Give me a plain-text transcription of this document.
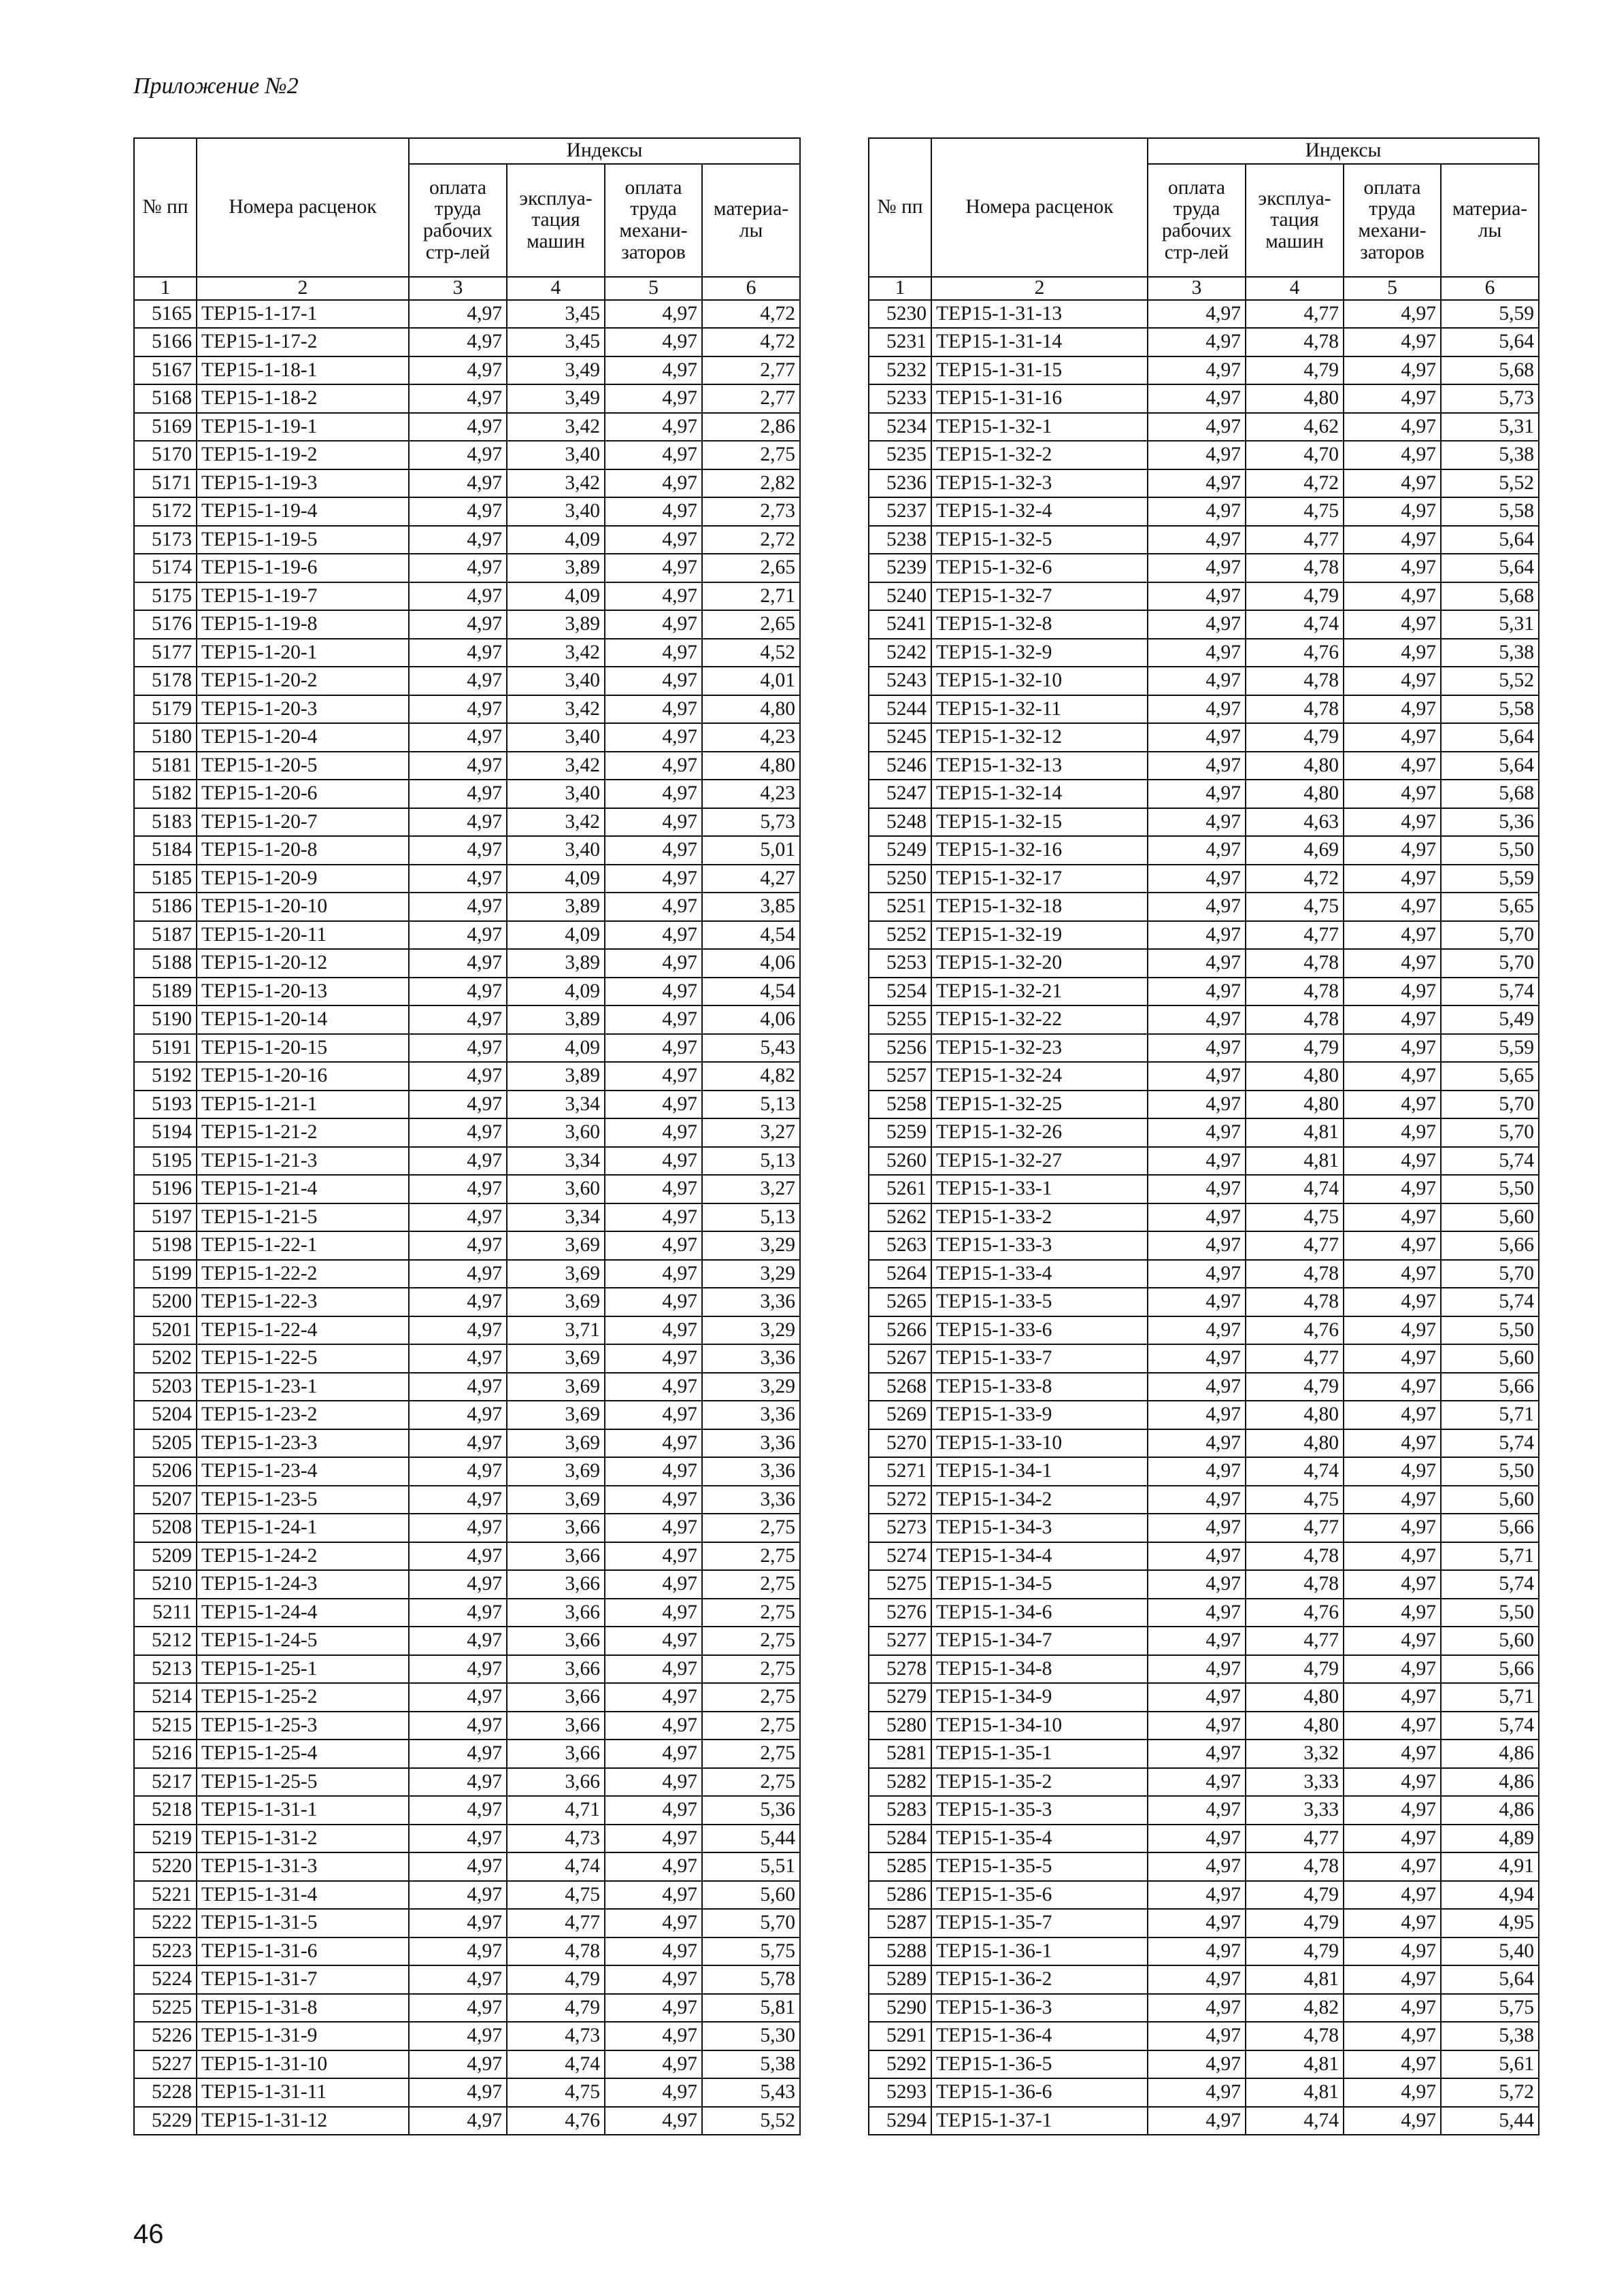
Приложение №2
№ пп	Номера расценок	Индексы			
		оплата труда рабочих стр-лей	эксплуа-тация машин	оплата труда механи-заторов	материа-лы
1	2	3	4	5	6
5165	ТЕР15-1-17-1	4,97	3,45	4,97	4,72
5166	ТЕР15-1-17-2	4,97	3,45	4,97	4,72
5167	ТЕР15-1-18-1	4,97	3,49	4,97	2,77
5168	ТЕР15-1-18-2	4,97	3,49	4,97	2,77
5169	ТЕР15-1-19-1	4,97	3,42	4,97	2,86
5170	ТЕР15-1-19-2	4,97	3,40	4,97	2,75
5171	ТЕР15-1-19-3	4,97	3,42	4,97	2,82
5172	ТЕР15-1-19-4	4,97	3,40	4,97	2,73
5173	ТЕР15-1-19-5	4,97	4,09	4,97	2,72
5174	ТЕР15-1-19-6	4,97	3,89	4,97	2,65
5175	ТЕР15-1-19-7	4,97	4,09	4,97	2,71
5176	ТЕР15-1-19-8	4,97	3,89	4,97	2,65
5177	ТЕР15-1-20-1	4,97	3,42	4,97	4,52
5178	ТЕР15-1-20-2	4,97	3,40	4,97	4,01
5179	ТЕР15-1-20-3	4,97	3,42	4,97	4,80
5180	ТЕР15-1-20-4	4,97	3,40	4,97	4,23
5181	ТЕР15-1-20-5	4,97	3,42	4,97	4,80
5182	ТЕР15-1-20-6	4,97	3,40	4,97	4,23
5183	ТЕР15-1-20-7	4,97	3,42	4,97	5,73
5184	ТЕР15-1-20-8	4,97	3,40	4,97	5,01
5185	ТЕР15-1-20-9	4,97	4,09	4,97	4,27
5186	ТЕР15-1-20-10	4,97	3,89	4,97	3,85
5187	ТЕР15-1-20-11	4,97	4,09	4,97	4,54
5188	ТЕР15-1-20-12	4,97	3,89	4,97	4,06
5189	ТЕР15-1-20-13	4,97	4,09	4,97	4,54
5190	ТЕР15-1-20-14	4,97	3,89	4,97	4,06
5191	ТЕР15-1-20-15	4,97	4,09	4,97	5,43
5192	ТЕР15-1-20-16	4,97	3,89	4,97	4,82
5193	ТЕР15-1-21-1	4,97	3,34	4,97	5,13
5194	ТЕР15-1-21-2	4,97	3,60	4,97	3,27
5195	ТЕР15-1-21-3	4,97	3,34	4,97	5,13
5196	ТЕР15-1-21-4	4,97	3,60	4,97	3,27
5197	ТЕР15-1-21-5	4,97	3,34	4,97	5,13
5198	ТЕР15-1-22-1	4,97	3,69	4,97	3,29
5199	ТЕР15-1-22-2	4,97	3,69	4,97	3,29
5200	ТЕР15-1-22-3	4,97	3,69	4,97	3,36
5201	ТЕР15-1-22-4	4,97	3,71	4,97	3,29
5202	ТЕР15-1-22-5	4,97	3,69	4,97	3,36
5203	ТЕР15-1-23-1	4,97	3,69	4,97	3,29
5204	ТЕР15-1-23-2	4,97	3,69	4,97	3,36
5205	ТЕР15-1-23-3	4,97	3,69	4,97	3,36
5206	ТЕР15-1-23-4	4,97	3,69	4,97	3,36
5207	ТЕР15-1-23-5	4,97	3,69	4,97	3,36
5208	ТЕР15-1-24-1	4,97	3,66	4,97	2,75
5209	ТЕР15-1-24-2	4,97	3,66	4,97	2,75
5210	ТЕР15-1-24-3	4,97	3,66	4,97	2,75
5211	ТЕР15-1-24-4	4,97	3,66	4,97	2,75
5212	ТЕР15-1-24-5	4,97	3,66	4,97	2,75
5213	ТЕР15-1-25-1	4,97	3,66	4,97	2,75
5214	ТЕР15-1-25-2	4,97	3,66	4,97	2,75
5215	ТЕР15-1-25-3	4,97	3,66	4,97	2,75
5216	ТЕР15-1-25-4	4,97	3,66	4,97	2,75
5217	ТЕР15-1-25-5	4,97	3,66	4,97	2,75
5218	ТЕР15-1-31-1	4,97	4,71	4,97	5,36
5219	ТЕР15-1-31-2	4,97	4,73	4,97	5,44
5220	ТЕР15-1-31-3	4,97	4,74	4,97	5,51
5221	ТЕР15-1-31-4	4,97	4,75	4,97	5,60
5222	ТЕР15-1-31-5	4,97	4,77	4,97	5,70
5223	ТЕР15-1-31-6	4,97	4,78	4,97	5,75
5224	ТЕР15-1-31-7	4,97	4,79	4,97	5,78
5225	ТЕР15-1-31-8	4,97	4,79	4,97	5,81
5226	ТЕР15-1-31-9	4,97	4,73	4,97	5,30
5227	ТЕР15-1-31-10	4,97	4,74	4,97	5,38
5228	ТЕР15-1-31-11	4,97	4,75	4,97	5,43
5229	ТЕР15-1-31-12	4,97	4,76	4,97	5,52
№ пп	Номера расценок	Индексы			
		оплата труда рабочих стр-лей	эксплуа-тация машин	оплата труда механи-заторов	материа-лы
1	2	3	4	5	6
5230	ТЕР15-1-31-13	4,97	4,77	4,97	5,59
5231	ТЕР15-1-31-14	4,97	4,78	4,97	5,64
5232	ТЕР15-1-31-15	4,97	4,79	4,97	5,68
5233	ТЕР15-1-31-16	4,97	4,80	4,97	5,73
5234	ТЕР15-1-32-1	4,97	4,62	4,97	5,31
5235	ТЕР15-1-32-2	4,97	4,70	4,97	5,38
5236	ТЕР15-1-32-3	4,97	4,72	4,97	5,52
5237	ТЕР15-1-32-4	4,97	4,75	4,97	5,58
5238	ТЕР15-1-32-5	4,97	4,77	4,97	5,64
5239	ТЕР15-1-32-6	4,97	4,78	4,97	5,64
5240	ТЕР15-1-32-7	4,97	4,79	4,97	5,68
5241	ТЕР15-1-32-8	4,97	4,74	4,97	5,31
5242	ТЕР15-1-32-9	4,97	4,76	4,97	5,38
5243	ТЕР15-1-32-10	4,97	4,78	4,97	5,52
5244	ТЕР15-1-32-11	4,97	4,78	4,97	5,58
5245	ТЕР15-1-32-12	4,97	4,79	4,97	5,64
5246	ТЕР15-1-32-13	4,97	4,80	4,97	5,64
5247	ТЕР15-1-32-14	4,97	4,80	4,97	5,68
5248	ТЕР15-1-32-15	4,97	4,63	4,97	5,36
5249	ТЕР15-1-32-16	4,97	4,69	4,97	5,50
5250	ТЕР15-1-32-17	4,97	4,72	4,97	5,59
5251	ТЕР15-1-32-18	4,97	4,75	4,97	5,65
5252	ТЕР15-1-32-19	4,97	4,77	4,97	5,70
5253	ТЕР15-1-32-20	4,97	4,78	4,97	5,70
5254	ТЕР15-1-32-21	4,97	4,78	4,97	5,74
5255	ТЕР15-1-32-22	4,97	4,78	4,97	5,49
5256	ТЕР15-1-32-23	4,97	4,79	4,97	5,59
5257	ТЕР15-1-32-24	4,97	4,80	4,97	5,65
5258	ТЕР15-1-32-25	4,97	4,80	4,97	5,70
5259	ТЕР15-1-32-26	4,97	4,81	4,97	5,70
5260	ТЕР15-1-32-27	4,97	4,81	4,97	5,74
5261	ТЕР15-1-33-1	4,97	4,74	4,97	5,50
5262	ТЕР15-1-33-2	4,97	4,75	4,97	5,60
5263	ТЕР15-1-33-3	4,97	4,77	4,97	5,66
5264	ТЕР15-1-33-4	4,97	4,78	4,97	5,70
5265	ТЕР15-1-33-5	4,97	4,78	4,97	5,74
5266	ТЕР15-1-33-6	4,97	4,76	4,97	5,50
5267	ТЕР15-1-33-7	4,97	4,77	4,97	5,60
5268	ТЕР15-1-33-8	4,97	4,79	4,97	5,66
5269	ТЕР15-1-33-9	4,97	4,80	4,97	5,71
5270	ТЕР15-1-33-10	4,97	4,80	4,97	5,74
5271	ТЕР15-1-34-1	4,97	4,74	4,97	5,50
5272	ТЕР15-1-34-2	4,97	4,75	4,97	5,60
5273	ТЕР15-1-34-3	4,97	4,77	4,97	5,66
5274	ТЕР15-1-34-4	4,97	4,78	4,97	5,71
5275	ТЕР15-1-34-5	4,97	4,78	4,97	5,74
5276	ТЕР15-1-34-6	4,97	4,76	4,97	5,50
5277	ТЕР15-1-34-7	4,97	4,77	4,97	5,60
5278	ТЕР15-1-34-8	4,97	4,79	4,97	5,66
5279	ТЕР15-1-34-9	4,97	4,80	4,97	5,71
5280	ТЕР15-1-34-10	4,97	4,80	4,97	5,74
5281	ТЕР15-1-35-1	4,97	3,32	4,97	4,86
5282	ТЕР15-1-35-2	4,97	3,33	4,97	4,86
5283	ТЕР15-1-35-3	4,97	3,33	4,97	4,86
5284	ТЕР15-1-35-4	4,97	4,77	4,97	4,89
5285	ТЕР15-1-35-5	4,97	4,78	4,97	4,91
5286	ТЕР15-1-35-6	4,97	4,79	4,97	4,94
5287	ТЕР15-1-35-7	4,97	4,79	4,97	4,95
5288	ТЕР15-1-36-1	4,97	4,79	4,97	5,40
5289	ТЕР15-1-36-2	4,97	4,81	4,97	5,64
5290	ТЕР15-1-36-3	4,97	4,82	4,97	5,75
5291	ТЕР15-1-36-4	4,97	4,78	4,97	5,38
5292	ТЕР15-1-36-5	4,97	4,81	4,97	5,61
5293	ТЕР15-1-36-6	4,97	4,81	4,97	5,72
5294	ТЕР15-1-37-1	4,97	4,74	4,97	5,44
46
